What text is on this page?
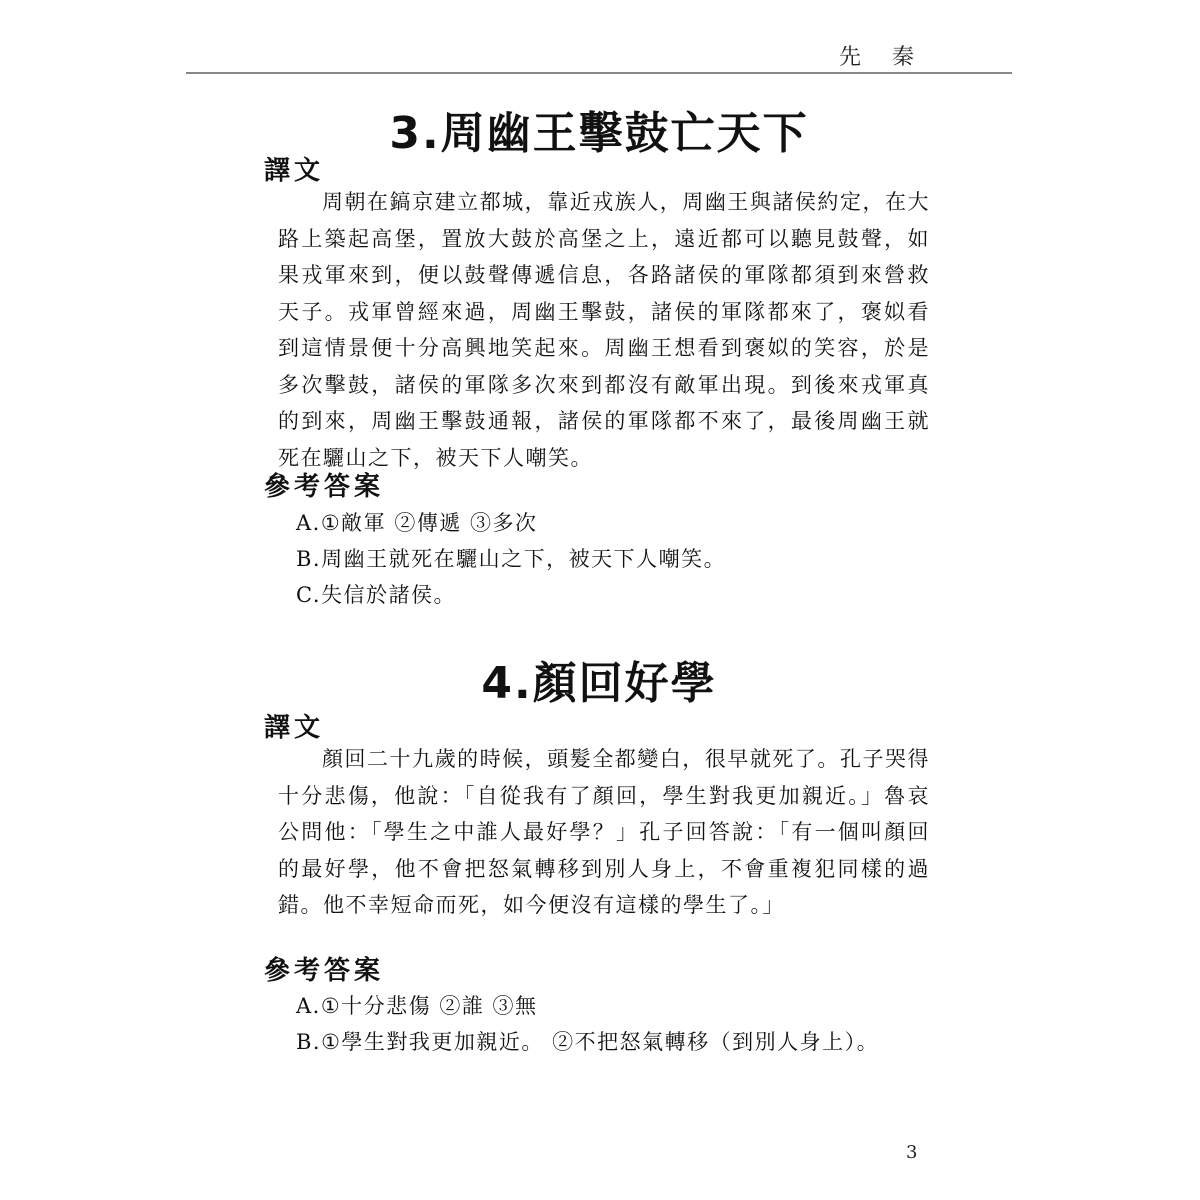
先 秦
3.周幽王擊鼓亡天下
譯文

周朝在鎬京建立都城，靠近戎族人，周幽王與諸侯約定，在大路上築起高堡，置放大鼓於高堡之上，遠近都可以聽見鼓聲，如果戎軍來到，便以鼓聲傳遞信息，各路諸侯的軍隊都須到來營救天子。戎軍曾經來過，周幽王擊鼓，諸侯的軍隊都來了，褒姒看到這情景便十分高興地笑起來。周幽王想看到褒姒的笑容，於是多次擊鼓，諸侯的軍隊多次來到都沒有敵軍出現。到後來戎軍真的到來，周幽王擊鼓通報，諸侯的軍隊都不來了，最後周幽王就死在驪山之下，被天下人嘲笑。

參考答案

A.①敵軍 ②傳遞 ③多次

B.周幽王就死在驪山之下，被天下人嘲笑。

C.失信於諸侯。

4.顏回好學
譯文

顏回二十九歲的時候，頭髮全都變白，很早就死了。孔子哭得十分悲傷，他說：「自從我有了顏回，學生對我更加親近。」魯哀公問他：「學生之中誰人最好學？」孔子回答說：「有一個叫顏回的最好學，他不會把怒氣轉移到別人身上，不會重複犯同樣的過錯。他不幸短命而死，如今便沒有這樣的學生了。」

參考答案

A.①十分悲傷 ②誰 ③無

B.①學生對我更加親近。 ②不把怒氣轉移（到別人身上）。

3
